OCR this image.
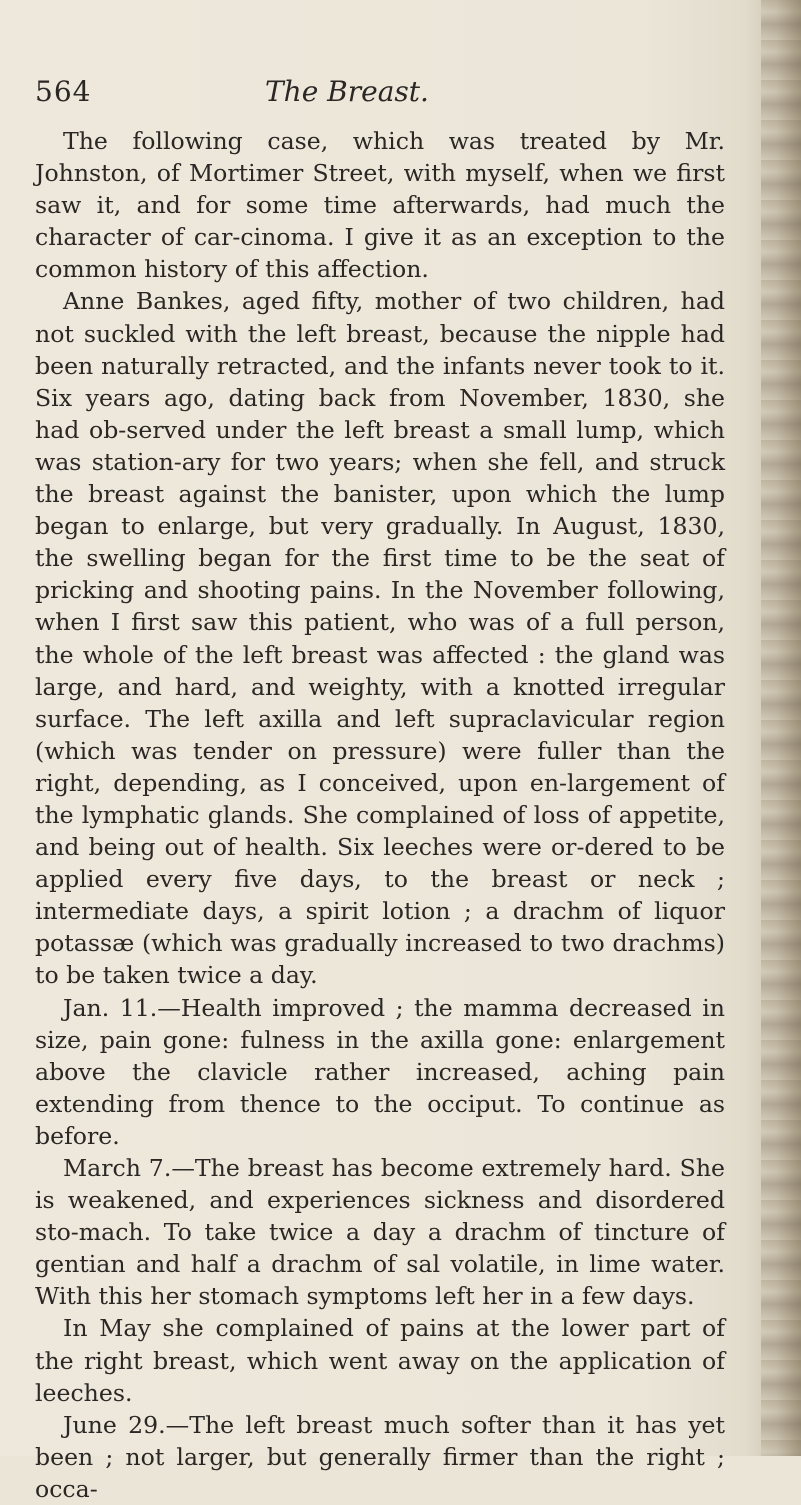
564	The Breast.

The following case, which was treated by Mr. Johnston, of Mortimer Street, with myself, when we first saw it, and for some time afterwards, had much the character of car-cinoma. I give it as an exception to the common history of this affection.

Anne Bankes, aged fifty, mother of two children, had not suckled with the left breast, because the nipple had been naturally retracted, and the infants never took to it. Six years ago, dating back from November, 1830, she had ob-served under the left breast a small lump, which was station-ary for two years; when she fell, and struck the breast against the banister, upon which the lump began to enlarge, but very gradually. In August, 1830, the swelling began for the first time to be the seat of pricking and shooting pains. In the November following, when I first saw this patient, who was of a full person, the whole of the left breast was affected : the gland was large, and hard, and weighty, with a knotted irregular surface. The left axilla and left supraclavicular region (which was tender on pressure) were fuller than the right, depending, as I conceived, upon en-largement of the lymphatic glands. She complained of loss of appetite, and being out of health. Six leeches were or-dered to be applied every five days, to the breast or neck ; intermediate days, a spirit lotion ; a drachm of liquor potassæ (which was gradually increased to two drachms) to be taken twice a day.

Jan. 11.—Health improved ; the mamma decreased in size, pain gone: fulness in the axilla gone: enlargement above the clavicle rather increased, aching pain extending from thence to the occiput. To continue as before.

March 7.—The breast has become extremely hard. She is weakened, and experiences sickness and disordered sto-mach. To take twice a day a drachm of tincture of gentian and half a drachm of sal volatile, in lime water. With this her stomach symptoms left her in a few days.

In May she complained of pains at the lower part of the right breast, which went away on the application of leeches.

June 29.—The left breast much softer than it has yet been ; not larger, but generally firmer than the right ; occa-
